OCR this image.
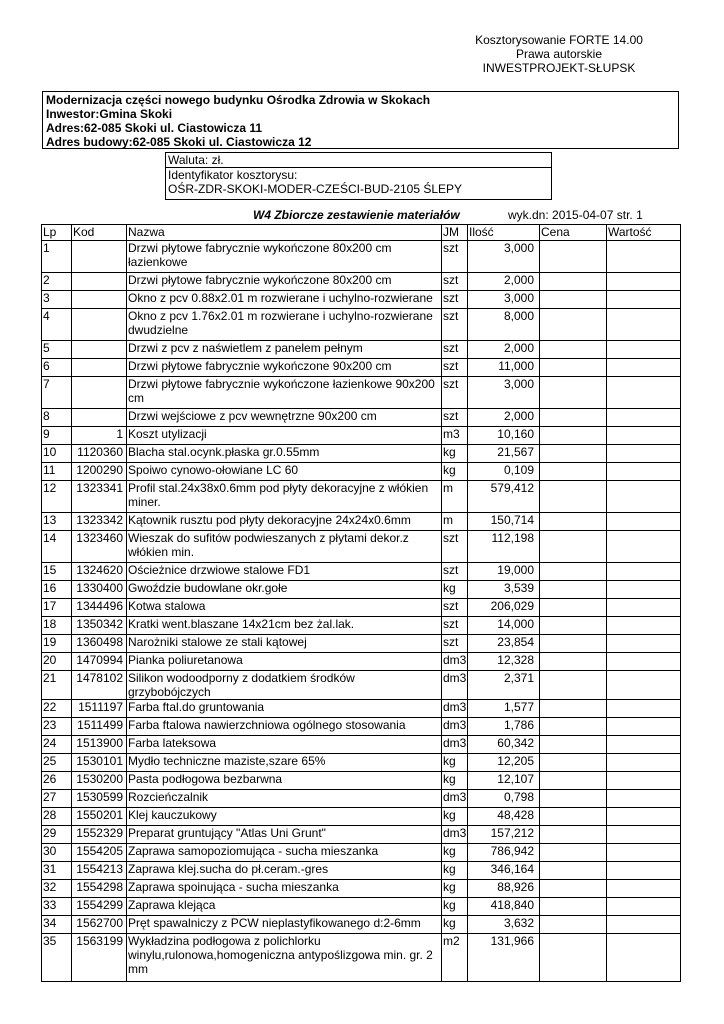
Kosztorysowanie FORTE 14.00
Prawa autorskie
INWESTPROJEKT-SŁUPSK
Modernizacja części nowego budynku Ośrodka Zdrowia w Skokach
Inwestor:Gmina Skoki
Adres:62-085 Skoki ul. Ciastowicza 11
Adres budowy:62-085 Skoki ul. Ciastowicza 12
Waluta: zł.
Identyfikator kosztorysu:
OŚR-ZDR-SKOKI-MODER-CZEŚCI-BUD-2105 ŚLEPY
W4 Zbiorcze zestawienie materiałów	wyk.dn: 2015-04-07 str. 1
Lp	Kod	Nazwa	JM	Ilość	Cena	Wartość
1		Drzwi płytowe fabrycznie wykończone 80x200 cm łazienkowe	szt	3,000		
2		Drzwi płytowe fabrycznie wykończone 80x200 cm	szt	2,000		
3		Okno z pcv 0.88x2.01 m rozwierane i uchylno-rozwierane	szt	3,000		
4		Okno z pcv 1.76x2.01 m rozwierane i uchylno-rozwierane dwudzielne	szt	8,000		
5		Drzwi z pcv z naświetlem z panelem pełnym	szt	2,000		
6		Drzwi płytowe fabrycznie wykończone 90x200 cm	szt	11,000		
7		Drzwi płytowe fabrycznie wykończone łazienkowe 90x200 cm	szt	3,000		
8		Drzwi wejściowe z pcv wewnętrzne 90x200 cm	szt	2,000		
9	1	Koszt utylizacji	m3	10,160		
10	1120360	Blacha stal.ocynk.płaska gr.0.55mm	kg	21,567		
11	1200290	Spoiwo cynowo-ołowiane LC 60	kg	0,109		
12	1323341	Profil stal.24x38x0.6mm pod płyty dekoracyjne z włókien miner.	m	579,412		
13	1323342	Kątownik rusztu pod płyty dekoracyjne 24x24x0.6mm	m	150,714		
14	1323460	Wieszak do sufitów podwieszanych z płytami dekor.z włókien min.	szt	112,198		
15	1324620	Ościeżnice drzwiowe stalowe FD1	szt	19,000		
16	1330400	Gwoździe budowlane okr.gołe	kg	3,539		
17	1344496	Kotwa stalowa	szt	206,029		
18	1350342	Kratki went.blaszane 14x21cm bez żal.lak.	szt	14,000		
19	1360498	Narożniki stalowe ze stali kątowej	szt	23,854		
20	1470994	Pianka poliuretanowa	dm3	12,328		
21	1478102	Silikon wodoodporny z dodatkiem środków grzybobójczych	dm3	2,371		
22	1511197	Farba ftal.do gruntowania	dm3	1,577		
23	1511499	Farba ftalowa nawierzchniowa ogólnego stosowania	dm3	1,786		
24	1513900	Farba lateksowa	dm3	60,342		
25	1530101	Mydło techniczne maziste,szare 65%	kg	12,205		
26	1530200	Pasta podłogowa bezbarwna	kg	12,107		
27	1530599	Rozcieńczalnik	dm3	0,798		
28	1550201	Klej kauczukowy	kg	48,428		
29	1552329	Preparat gruntujący "Atlas Uni Grunt"	dm3	157,212		
30	1554205	Zaprawa samopoziomująca - sucha mieszanka	kg	786,942		
31	1554213	Zaprawa klej.sucha do pł.ceram.-gres	kg	346,164		
32	1554298	Zaprawa spoinująca - sucha mieszanka	kg	88,926		
33	1554299	Zaprawa klejąca	kg	418,840		
34	1562700	Pręt spawalniczy z PCW nieplastyfikowanego d:2-6mm	kg	3,632		
35	1563199	Wykładzina podłogowa z polichlorku winylu,rulonowa,homogeniczna antypoślizgowa min. gr. 2 mm	m2	131,966		
